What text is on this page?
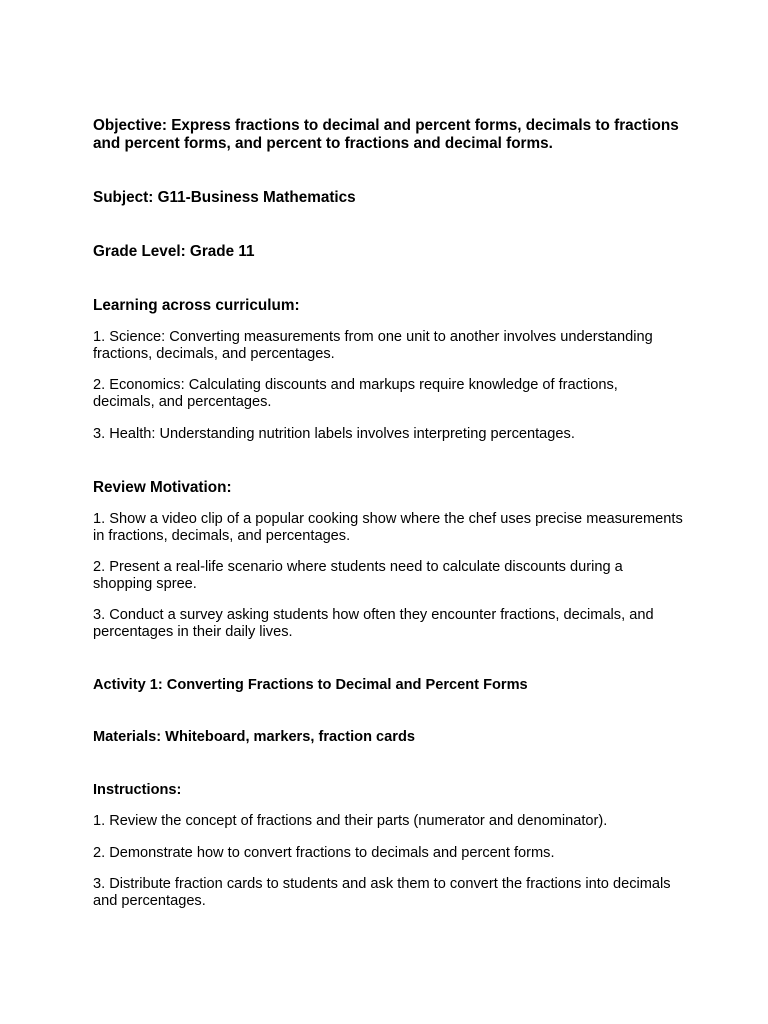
Objective: Express fractions to decimal and percent forms, decimals to fractions and percent forms, and percent to fractions and decimal forms.

Subject: G11-Business Mathematics

Grade Level: Grade 11

Learning across curriculum:

1. Science: Converting measurements from one unit to another involves understanding fractions, decimals, and percentages.

2. Economics: Calculating discounts and markups require knowledge of fractions, decimals, and percentages.

3. Health: Understanding nutrition labels involves interpreting percentages.

Review Motivation:

1. Show a video clip of a popular cooking show where the chef uses precise measurements in fractions, decimals, and percentages.

2. Present a real-life scenario where students need to calculate discounts during a shopping spree.

3. Conduct a survey asking students how often they encounter fractions, decimals, and percentages in their daily lives.

Activity 1: Converting Fractions to Decimal and Percent Forms

Materials: Whiteboard, markers, fraction cards

Instructions:

1. Review the concept of fractions and their parts (numerator and denominator).

2. Demonstrate how to convert fractions to decimals and percent forms.

3. Distribute fraction cards to students and ask them to convert the fractions into decimals and percentages.
